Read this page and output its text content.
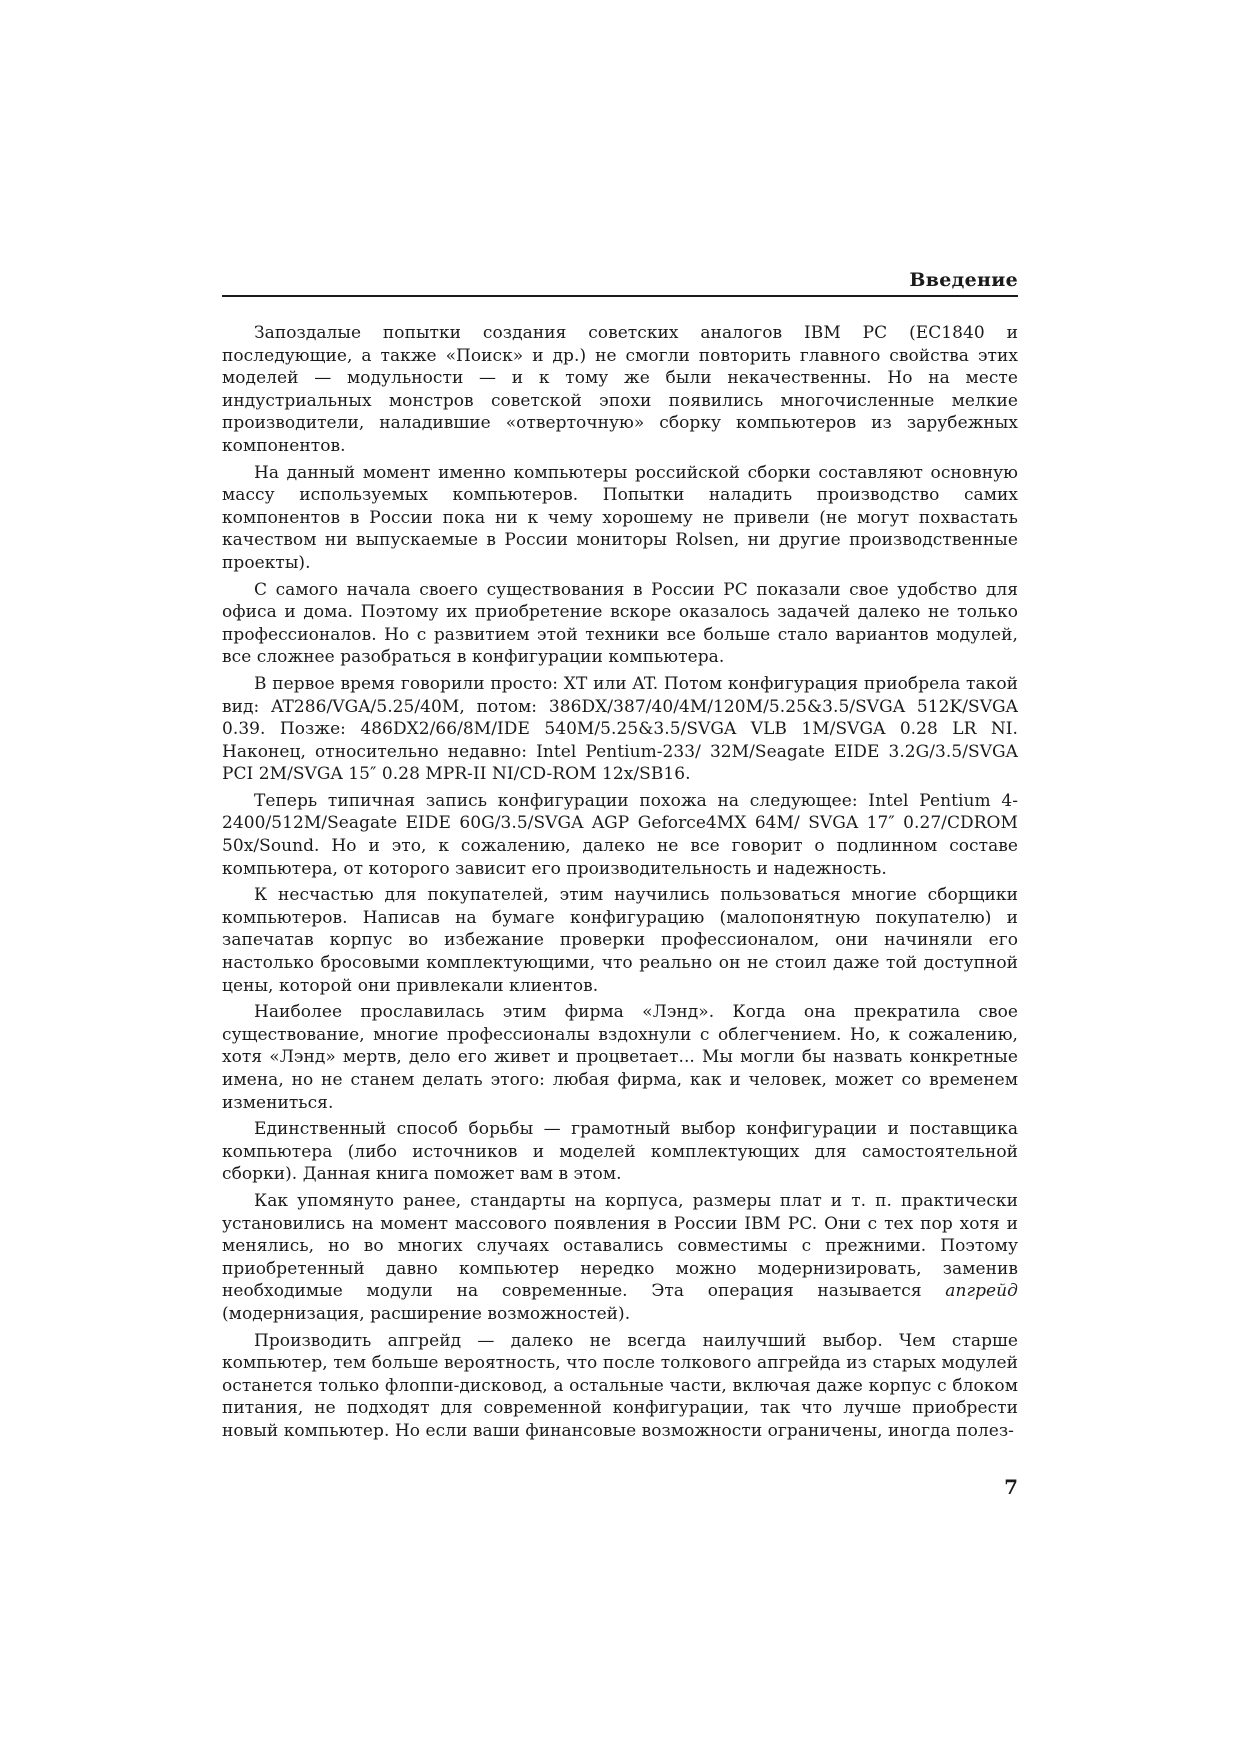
Введение

Запоздалые попытки создания советских аналогов IBM PC (ЕС1840 и последующие, а также «Поиск» и др.) не смогли повторить главного свойства этих моделей — модульности — и к тому же были некачественны. Но на месте индустриальных монстров советской эпохи появились многочисленные мелкие производители, наладившие «отверточную» сборку компьютеров из зарубежных компонентов.

На данный момент именно компьютеры российской сборки составляют основную массу используемых компьютеров. Попытки наладить производство самих компонентов в России пока ни к чему хорошему не привели (не могут похвастать качеством ни выпускаемые в России мониторы Rolsen, ни другие производственные проекты).

С самого начала своего существования в России PC показали свое удобство для офиса и дома. Поэтому их приобретение вскоре оказалось задачей далеко не только профессионалов. Но с развитием этой техники все больше стало вариантов модулей, все сложнее разобраться в конфигурации компьютера.

В первое время говорили просто: XT или AT. Потом конфигурация приобрела такой вид: AT286/VGA/5.25/40M, потом: 386DX/387/40/4M/120M/5.25&3.5/SVGA 512K/SVGA 0.39. Позже: 486DX2/66/8M/IDE 540M/5.25&3.5/SVGA VLB 1M/SVGA 0.28 LR NI. Наконец, относительно недавно: Intel Pentium-233/ 32M/Seagate EIDE 3.2G/3.5/SVGA PCI 2M/SVGA 15″ 0.28 MPR-II NI/CD-ROM 12x/SB16.

Теперь типичная запись конфигурации похожа на следующее: Intel Pentium 4-2400/512M/Seagate EIDE 60G/3.5/SVGA AGP Geforce4MX 64M/ SVGA 17″ 0.27/CDROM 50x/Sound. Но и это, к сожалению, далеко не все говорит о подлинном составе компьютера, от которого зависит его производительность и надежность.

К несчастью для покупателей, этим научились пользоваться многие сборщики компьютеров. Написав на бумаге конфигурацию (малопонятную покупателю) и запечатав корпус во избежание проверки профессионалом, они начиняли его настолько бросовыми комплектующими, что реально он не стоил даже той доступной цены, которой они привлекали клиентов.

Наиболее прославилась этим фирма «Лэнд». Когда она прекратила свое существование, многие профессионалы вздохнули с облегчением. Но, к сожалению, хотя «Лэнд» мертв, дело его живет и процветает... Мы могли бы назвать конкретные имена, но не станем делать этого: любая фирма, как и человек, может со временем измениться.

Единственный способ борьбы — грамотный выбор конфигурации и поставщика компьютера (либо источников и моделей комплектующих для самостоятельной сборки). Данная книга поможет вам в этом.

Как упомянуто ранее, стандарты на корпуса, размеры плат и т. п. практически установились на момент массового появления в России IBM PC. Они с тех пор хотя и менялись, но во многих случаях оставались совместимы с прежними. Поэтому приобретенный давно компьютер нередко можно модернизировать, заменив необходимые модули на современные. Эта операция называется апгрейд (модернизация, расширение возможностей).

Производить апгрейд — далеко не всегда наилучший выбор. Чем старше компьютер, тем больше вероятность, что после толкового апгрейда из старых модулей останется только флоппи-дисковод, а остальные части, включая даже корпус с блоком питания, не подходят для современной конфигурации, так что лучше приобрести новый компьютер. Но если ваши финансовые возможности ограничены, иногда полез-

7
